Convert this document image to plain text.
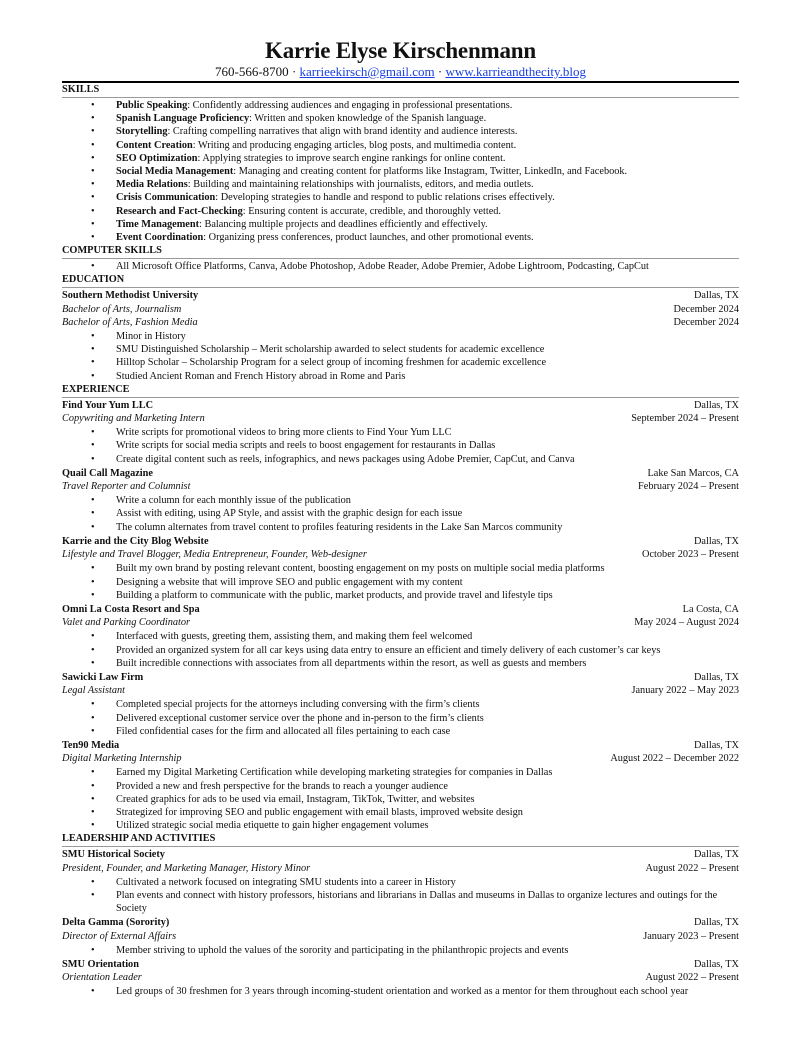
Karrie Elyse Kirschenmann
760-566-8700 · karrieekirsch@gmail.com · www.karrieandthecity.blog
SKILLS
• Public Speaking: Confidently addressing audiences and engaging in professional presentations.
• Spanish Language Proficiency: Written and spoken knowledge of the Spanish language.
• Storytelling: Crafting compelling narratives that align with brand identity and audience interests.
• Content Creation: Writing and producing engaging articles, blog posts, and multimedia content.
• SEO Optimization: Applying strategies to improve search engine rankings for online content.
• Social Media Management: Managing and creating content for platforms like Instagram, Twitter, LinkedIn, and Facebook.
• Media Relations: Building and maintaining relationships with journalists, editors, and media outlets.
• Crisis Communication: Developing strategies to handle and respond to public relations crises effectively.
• Research and Fact-Checking: Ensuring content is accurate, credible, and thoroughly vetted.
• Time Management: Balancing multiple projects and deadlines efficiently and effectively.
• Event Coordination: Organizing press conferences, product launches, and other promotional events.
COMPUTER SKILLS
• All Microsoft Office Platforms, Canva, Adobe Photoshop, Adobe Reader, Adobe Premier, Adobe Lightroom, Podcasting, CapCut
EDUCATION
Southern Methodist University	Dallas, TX
Bachelor of Arts, Journalism	December 2024
Bachelor of Arts, Fashion Media	December 2024
• Minor in History
• SMU Distinguished Scholarship – Merit scholarship awarded to select students for academic excellence
• Hilltop Scholar – Scholarship Program for a select group of incoming freshmen for academic excellence
• Studied Ancient Roman and French History abroad in Rome and Paris
EXPERIENCE
Find Your Yum LLC	Dallas, TX
Copywriting and Marketing Intern	September 2024 – Present
• Write scripts for promotional videos to bring more clients to Find Your Yum LLC
• Write scripts for social media scripts and reels to boost engagement for restaurants in Dallas
• Create digital content such as reels, infographics, and news packages using Adobe Premier, CapCut, and Canva
Quail Call Magazine	Lake San Marcos, CA
Travel Reporter and Columnist	February 2024 – Present
• Write a column for each monthly issue of the publication
• Assist with editing, using AP Style, and assist with the graphic design for each issue
• The column alternates from travel content to profiles featuring residents in the Lake San Marcos community
Karrie and the City Blog Website	Dallas, TX
Lifestyle and Travel Blogger, Media Entrepreneur, Founder, Web-designer	October 2023 – Present
• Built my own brand by posting relevant content, boosting engagement on my posts on multiple social media platforms
• Designing a website that will improve SEO and public engagement with my content
• Building a platform to communicate with the public, market products, and provide travel and lifestyle tips
Omni La Costa Resort and Spa	La Costa, CA
Valet and Parking Coordinator	May 2024 – August 2024
• Interfaced with guests, greeting them, assisting them, and making them feel welcomed
• Provided an organized system for all car keys using data entry to ensure an efficient and timely delivery of each customer’s car keys
• Built incredible connections with associates from all departments within the resort, as well as guests and members
Sawicki Law Firm	Dallas, TX
Legal Assistant	January 2022 – May 2023
• Completed special projects for the attorneys including conversing with the firm’s clients
• Delivered exceptional customer service over the phone and in-person to the firm’s clients
• Filed confidential cases for the firm and allocated all files pertaining to each case
Ten90 Media	Dallas, TX
Digital Marketing Internship	August 2022 – December 2022
• Earned my Digital Marketing Certification while developing marketing strategies for companies in Dallas
• Provided a new and fresh perspective for the brands to reach a younger audience
• Created graphics for ads to be used via email, Instagram, TikTok, Twitter, and websites
• Strategized for improving SEO and public engagement with email blasts, improved website design
• Utilized strategic social media etiquette to gain higher engagement volumes
LEADERSHIP AND ACTIVITIES
SMU Historical Society	Dallas, TX
President, Founder, and Marketing Manager, History Minor	August 2022 – Present
• Cultivated a network focused on integrating SMU students into a career in History
• Plan events and connect with history professors, historians and librarians in Dallas and museums in Dallas to organize lectures and outings for the Society
Delta Gamma (Sorority)	Dallas, TX
Director of External Affairs	January 2023 – Present
• Member striving to uphold the values of the sorority and participating in the philanthropic projects and events
SMU Orientation	Dallas, TX
Orientation Leader	August 2022 – Present
• Led groups of 30 freshmen for 3 years through incoming-student orientation and worked as a mentor for them throughout each school year
